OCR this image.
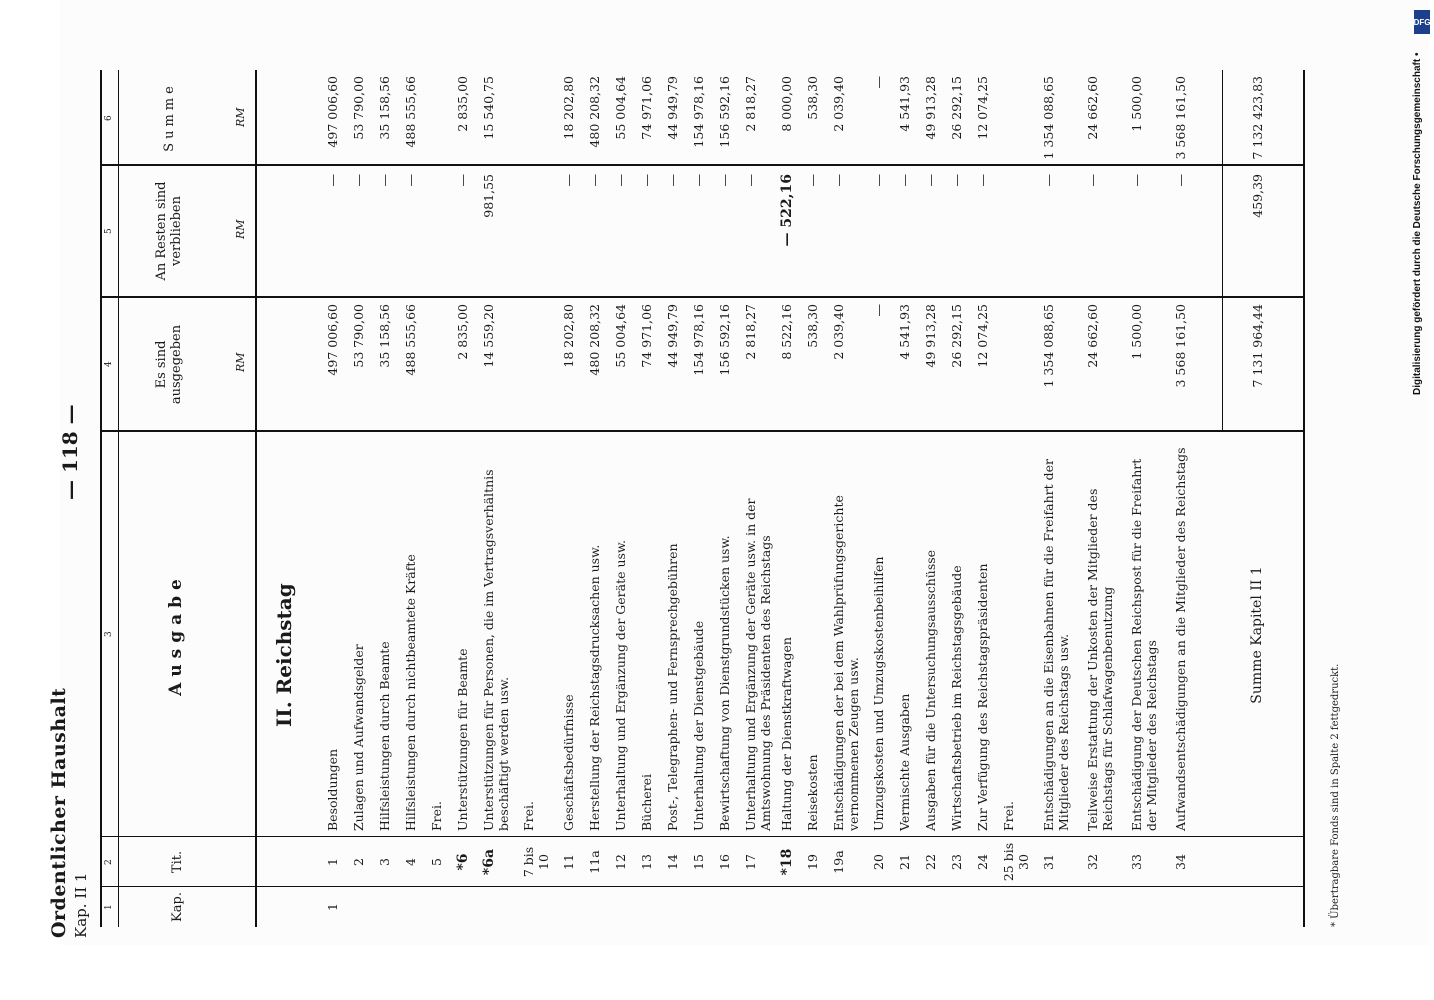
Ordentlicher Haushalt Kap. II 1
— 118 —
1
2
3
4
5
6
Kap.
Tit.
Ausgabe
Es sind ausgegeben
An Resten sind verblieben
Summe
RM
RM
RM
II. Reichstag
1
1
Besoldungen
497 006,60
—
497 006,60
2
Zulagen und Aufwandsgelder
53 790,00
—
53 790,00
3
Hilfsleistungen durch Beamte
35 158,56
—
35 158,56
4
Hilfsleistungen durch nichtbeamtete Kräfte
488 555,66
—
488 555,66
5
Frei.
*6
Unterstützungen für Beamte
2 835,00
—
2 835,00
*6a
Unterstützungen für Personen, die im Vertragsverhältnis beschäftigt werden usw.
14 559,20
981,55
15 540,75
7 bis 10
Frei.
11
Geschäftsbedürfnisse
18 202,80
—
18 202,80
11a
Herstellung der Reichstagsdrucksachen usw.
480 208,32
—
480 208,32
12
Unterhaltung und Ergänzung der Geräte usw.
55 004,64
—
55 004,64
13
Bücherei
74 971,06
—
74 971,06
14
Post-, Telegraphen- und Fernsprechgebühren
44 949,79
—
44 949,79
15
Unterhaltung der Dienstgebäude
154 978,16
—
154 978,16
16
Bewirtschaftung von Dienstgrundstücken usw.
156 592,16
—
156 592,16
17
Unterhaltung und Ergänzung der Geräte usw. in der Amtswohnung des Präsidenten des Reichstags
2 818,27
—
2 818,27
*18
Haltung der Dienstkraftwagen
8 522,16
— 522,16
8 000,00
19
Reisekosten
538,30
—
538,30
19a
Entschädigungen der bei dem Wahlprüfungsgerichte vernommenen Zeugen usw.
2 039,40
—
2 039,40
20
Umzugskosten und Umzugskostenbeihilfen
—
—
—
21
Vermischte Ausgaben
4 541,93
—
4 541,93
22
Ausgaben für die Untersuchungsausschüsse
49 913,28
—
49 913,28
23
Wirtschaftsbetrieb im Reichstagsgebäude
26 292,15
—
26 292,15
24
Zur Verfügung des Reichstagspräsidenten
12 074,25
—
12 074,25
25 bis 30
Frei.
31
Entschädigungen an die Eisenbahnen für die Freifahrt der Mitglieder des Reichstags usw.
1 354 088,65
—
1 354 088,65
32
Teilweise Erstattung der Unkosten der Mitglieder des Reichstags für Schlafwagenbenutzung
24 662,60
—
24 662,60
33
Entschädigung der Deutschen Reichspost für die Freifahrt der Mitglieder des Reichstags
1 500,00
—
1 500,00
34
Aufwandsentschädigungen an die Mitglieder des Reichstags
3 568 161,50
—
3 568 161,50
Summe Kapitel II 1
7 131 964,44
459,39
7 132 423,83
* Übertragbare Fonds sind in Spalte 2 fettgedruckt.
DFG
Digitalisierung gefördert durch die Deutsche Forschungsgemeinschaft •
